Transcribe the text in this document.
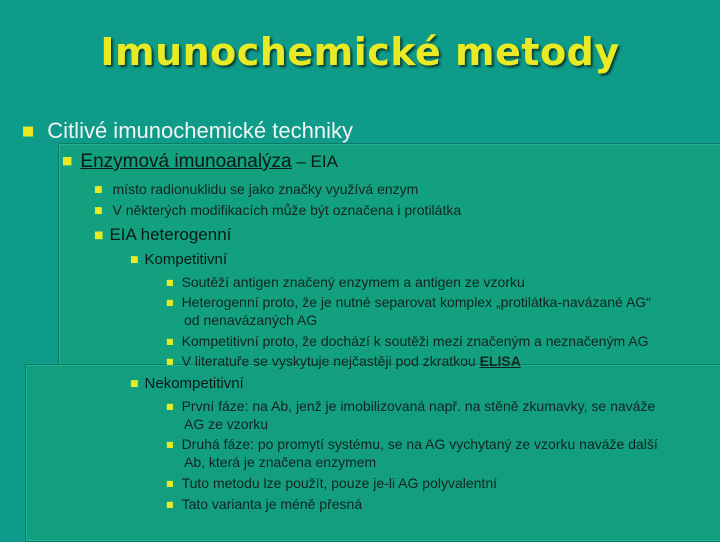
Imunochemické metody
■ Citlivé imunochemické techniky
■ Enzymová imunoanalýza – EIA
■ místo radionuklidu se jako značky využívá enzym
■ V některých modifikacích může být označena i protilátka
■ EIA heterogenní
■ Kompetitivní
■ Soutěží antigen značený enzymem a antigen ze vzorku
■ Heterogenní proto, že je nutné separovat komplex „protilátka-navázané AG“
od nenavázaných AG
■ Kompetitivní proto, že dochází k soutěži mezi značeným a neznačeným AG
■ V literatuře se vyskytuje nejčastěji pod zkratkou ELISA
■ Nekompetitivní
■ První fáze: na Ab, jenž je imobilizovaná např. na stěně zkumavky, se naváže
AG ze vzorku
■ Druhá fáze: po promytí systému, se na AG vychytaný ze vzorku naváže další
Ab, která je značena enzymem
■ Tuto metodu lze použít, pouze je-li AG polyvalentní
■ Tato varianta je méně přesná
